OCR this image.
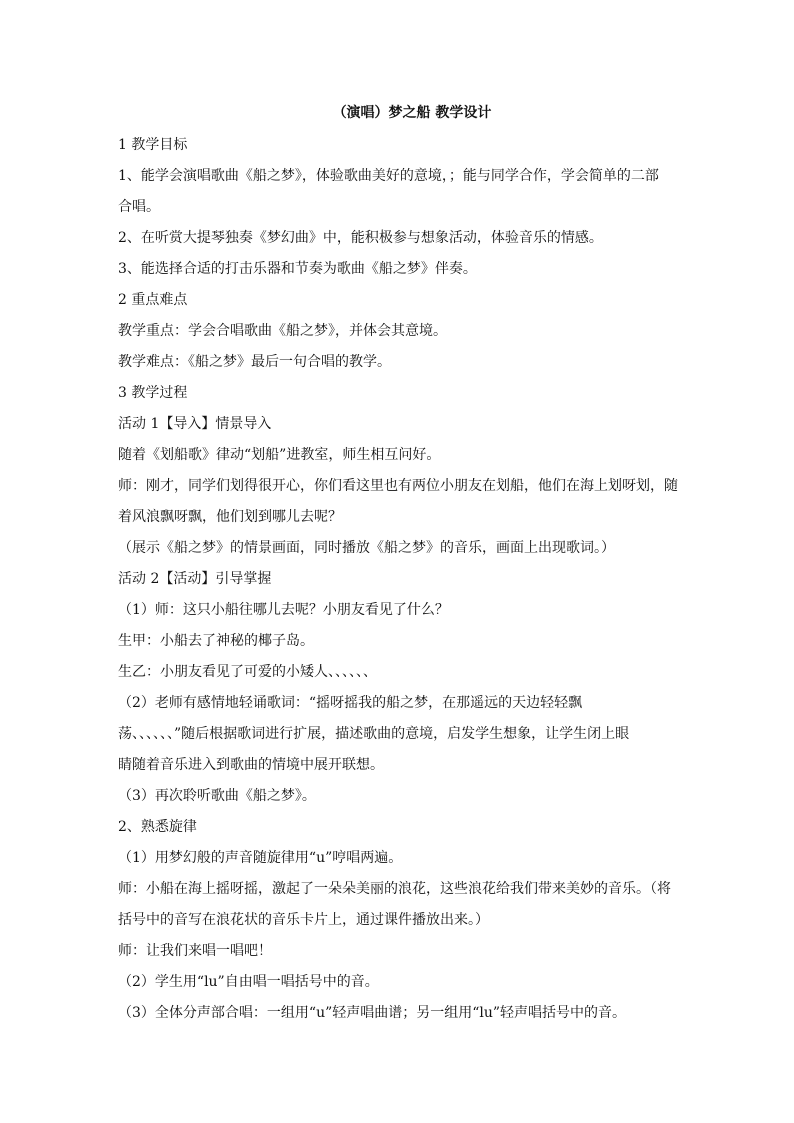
（演唱）梦之船 教学设计
1 教学目标
1、能学会演唱歌曲《船之梦》，体验歌曲美好的意境，；能与同学合作，学会简单的二部
合唱。
2、在听赏大提琴独奏《梦幻曲》中，能积极参与想象活动，体验音乐的情感。
3、能选择合适的打击乐器和节奏为歌曲《船之梦》伴奏。
2 重点难点
教学重点：学会合唱歌曲《船之梦》，并体会其意境。
教学难点：《船之梦》最后一句合唱的教学。
3 教学过程
活动 1【导入】情景导入
随着《划船歌》律动“划船”进教室，师生相互问好。
师：刚才，同学们划得很开心，你们看这里也有两位小朋友在划船，他们在海上划呀划，随
着风浪飘呀飘，他们划到哪儿去呢？
（展示《船之梦》的情景画面，同时播放《船之梦》的音乐，画面上出现歌词。）
活动 2【活动】引导掌握
（1）师：这只小船往哪儿去呢？小朋友看见了什么？
生甲：小船去了神秘的椰子岛。
生乙：小朋友看见了可爱的小矮人、、、、、、
（2）老师有感情地轻诵歌词：“摇呀摇我的船之梦，在那遥远的天边轻轻飘
荡、、、、、、”随后根据歌词进行扩展，描述歌曲的意境，启发学生想象，让学生闭上眼
睛随着音乐进入到歌曲的情境中展开联想。
（3）再次聆听歌曲《船之梦》。
2、熟悉旋律
（1）用梦幻般的声音随旋律用“u”哼唱两遍。
师：小船在海上摇呀摇，激起了一朵朵美丽的浪花，这些浪花给我们带来美妙的音乐。（将
括号中的音写在浪花状的音乐卡片上，通过课件播放出来。）
师：让我们来唱一唱吧！
（2）学生用“lu”自由唱一唱括号中的音。
（3）全体分声部合唱：一组用“u”轻声唱曲谱；另一组用“lu”轻声唱括号中的音。
